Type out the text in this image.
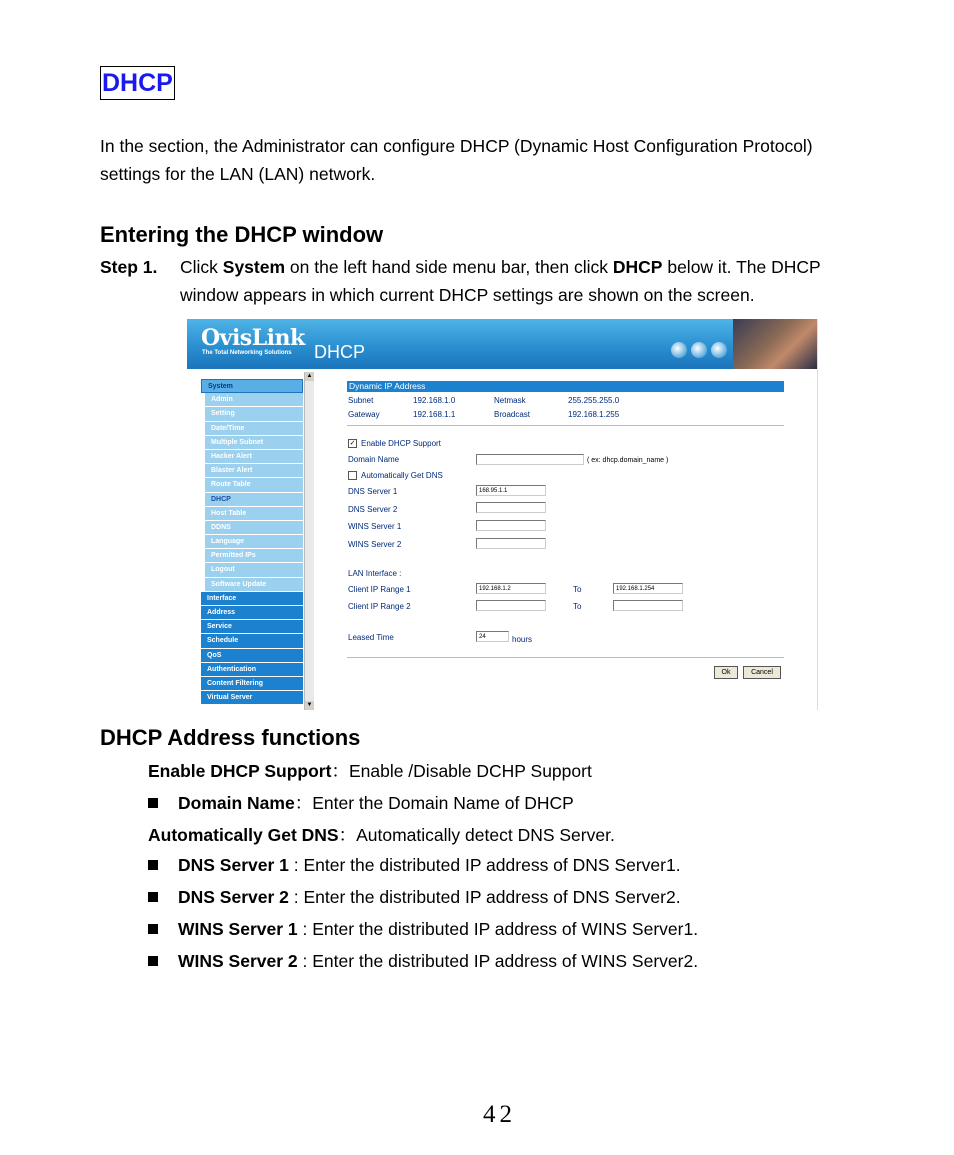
DHCP
In the section, the Administrator can configure DHCP (Dynamic Host Configuration Protocol)
settings for the LAN (LAN) network.
Entering the DHCP window
Step 1. Click System on the left hand side menu bar, then click DHCP below it. The DHCP
window appears in which current DHCP settings are shown on the screen.
OvisLink
The Total Networking Solutions DHCP
System
Admin
Setting
Date/Time
Multiple Subnet
Hacker Alert
Blaster Alert
Route Table
DHCP
Host Table
DDNS
Language
Permitted IPs
Logout
Software Update
Interface
Address
Service
Schedule
QoS
Authentication
Content Filtering
Virtual Server
▲
▼
Dynamic IP Address
Subnet	192.168.1.0	Netmask	255.255.255.0
Gateway	192.168.1.1	Broadcast	192.168.1.255
✓ Enable DHCP Support
Domain Name	( ex: dhcp.domain_name )
Automatically Get DNS
DNS Server 1	168.95.1.1
DNS Server 2
WINS Server 1
WINS Server 2
LAN Interface :
Client IP Range 1	192.168.1.2	To	192.168.1.254
Client IP Range 2	To
Leased Time	24	hours
Ok	Cancel
DHCP Address functions
Enable DHCP Support：Enable /Disable DCHP Support
Domain Name：Enter the Domain Name of DHCP
Automatically Get DNS：Automatically detect DNS Server.
DNS Server 1 : Enter the distributed IP address of DNS Server1.
DNS Server 2 : Enter the distributed IP address of DNS Server2.
WINS Server 1 : Enter the distributed IP address of WINS Server1.
WINS Server 2 : Enter the distributed IP address of WINS Server2.
42
